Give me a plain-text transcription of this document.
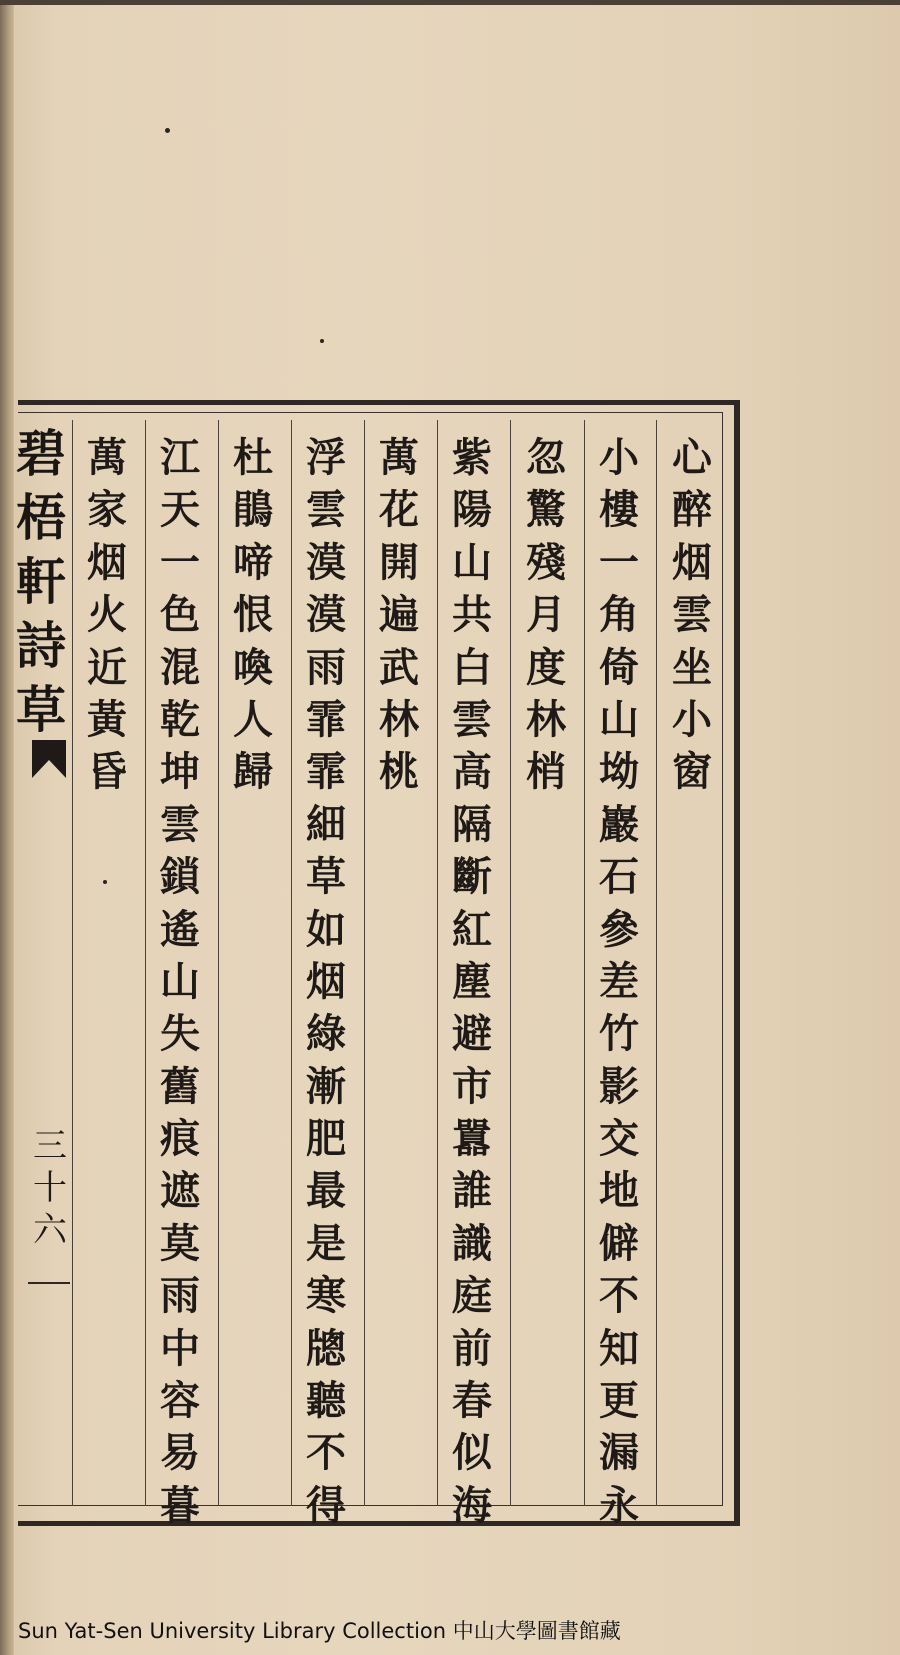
心
醉
烟
雲
坐
小
窗
小
樓
一
角
倚
山
坳
巖
石
參
差
竹
影
交
地
僻
不
知
更
漏
永
忽
驚
殘
月
度
林
梢
紫
陽
山
共
白
雲
高
隔
斷
紅
塵
避
市
囂
誰
識
庭
前
春
似
海
萬
花
開
遍
武
林
桃
浮
雲
漠
漠
雨
霏
霏
細
草
如
烟
綠
漸
肥
最
是
寒
牕
聽
不
得
杜
鵑
啼
恨
喚
人
歸
江
天
一
色
混
乾
坤
雲
鎖
遙
山
失
舊
痕
遮
莫
雨
中
容
易
暮
萬
家
烟
火
近
黃
昏
碧
梧
軒
詩
草
三
十
六
Sun Yat-Sen University Library Collection 中山大學圖書館藏
